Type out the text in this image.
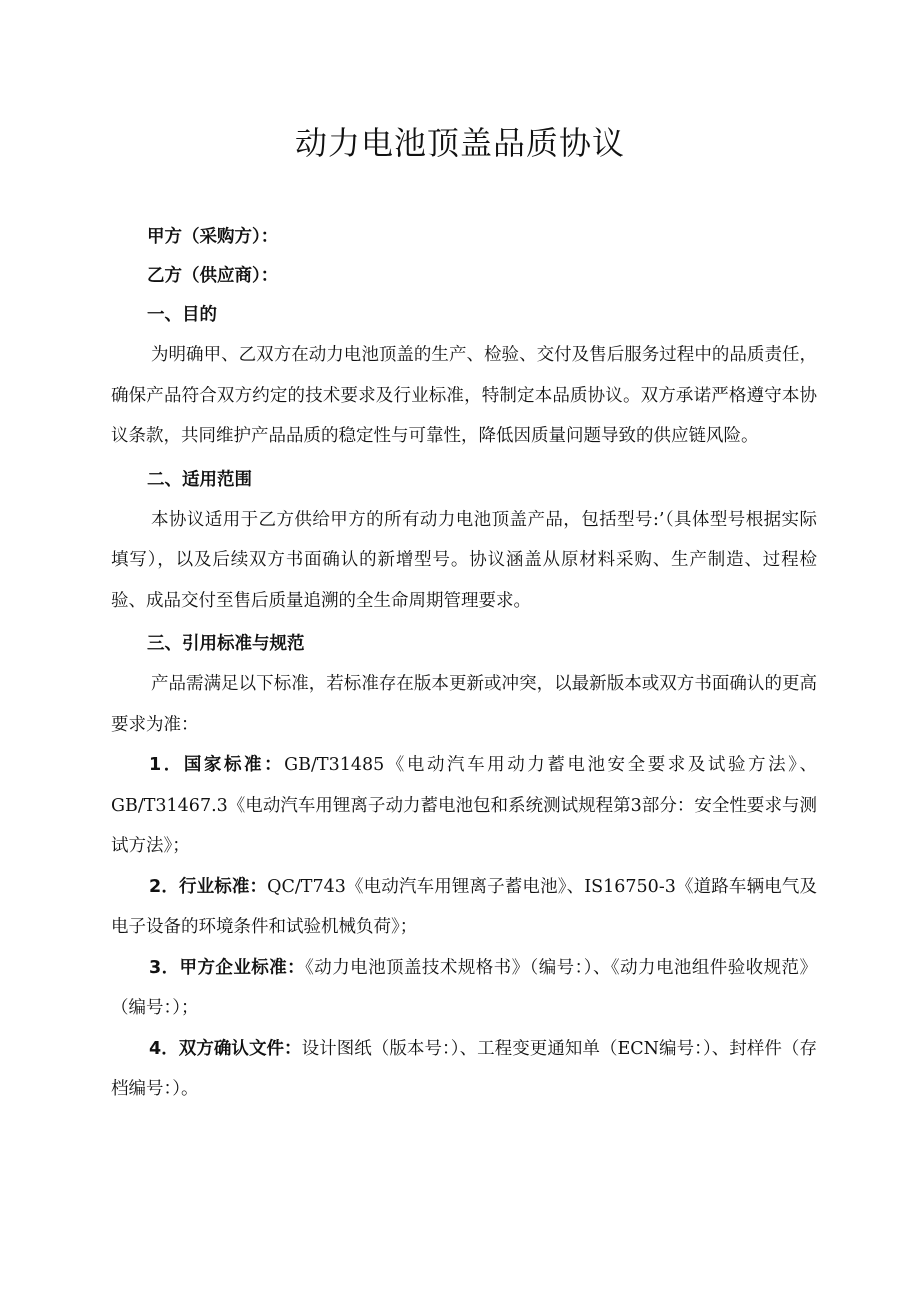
动力电池顶盖品质协议

甲方（采购方）：

乙方（供应商）：

一、目的

为明确甲、乙双方在动力电池顶盖的生产、检验、交付及售后服务过程中的品质责任，确保产品符合双方约定的技术要求及行业标准，特制定本品质协议。双方承诺严格遵守本协议条款，共同维护产品品质的稳定性与可靠性，降低因质量问题导致的供应链风险。

二、适用范围

本协议适用于乙方供给甲方的所有动力电池顶盖产品，包括型号:’（具体型号根据实际填写），以及后续双方书面确认的新增型号。协议涵盖从原材料采购、生产制造、过程检验、成品交付至售后质量追溯的全生命周期管理要求。

三、引用标准与规范

产品需满足以下标准，若标准存在版本更新或冲突，以最新版本或双方书面确认的更高要求为准：

1．国家标准：GB/T31485《电动汽车用动力蓄电池安全要求及试验方法》、GB/T31467.3《电动汽车用锂离子动力蓄电池包和系统测试规程第3部分：安全性要求与测试方法》；

2．行业标准：QC/T743《电动汽车用锂离子蓄电池》、IS16750-3《道路车辆电气及电子设备的环境条件和试验机械负荷》；

3．甲方企业标准：《动力电池顶盖技术规格书》（编号：）、《动力电池组件验收规范》（编号：）；

4．双方确认文件：设计图纸（版本号：）、工程变更通知单（ECN编号：）、封样件（存档编号：）。
